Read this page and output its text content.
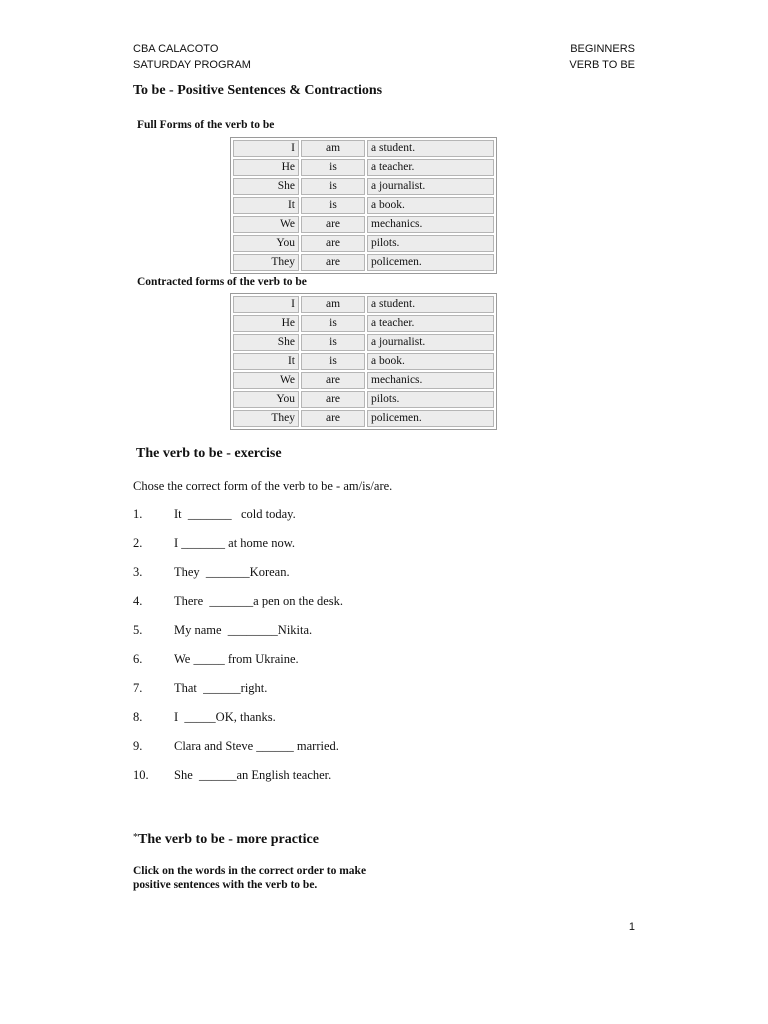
CBA CALACOTO
SATURDAY PROGRAM
BEGINNERS
VERB TO BE
To be - Positive Sentences & Contractions
Full Forms of the verb to be
I	am	a student.
He	is	a teacher.
She	is	a journalist.
It	is	a book.
We	are	mechanics.
You	are	pilots.
They	are	policemen.
Contracted forms of the verb to be
I	am	a student.
He	is	a teacher.
She	is	a journalist.
It	is	a book.
We	are	mechanics.
You	are	pilots.
They	are	policemen.
The verb to be - exercise
Chose the correct form of the verb to be - am/is/are.
1.	It  _______   cold today.
2.	I _______ at home now.
3.	They  _______Korean.
4.	There  _______a pen on the desk.
5.	My name  ________Nikita.
6.	We _____ from Ukraine.
7.	That  ______right.
8.	I  _____OK, thanks.
9.	Clara and Steve ______ married.
10. She  ______an English teacher.
*The verb to be - more practice
Click on the words in the correct order to make
positive sentences with the verb to be.
1
